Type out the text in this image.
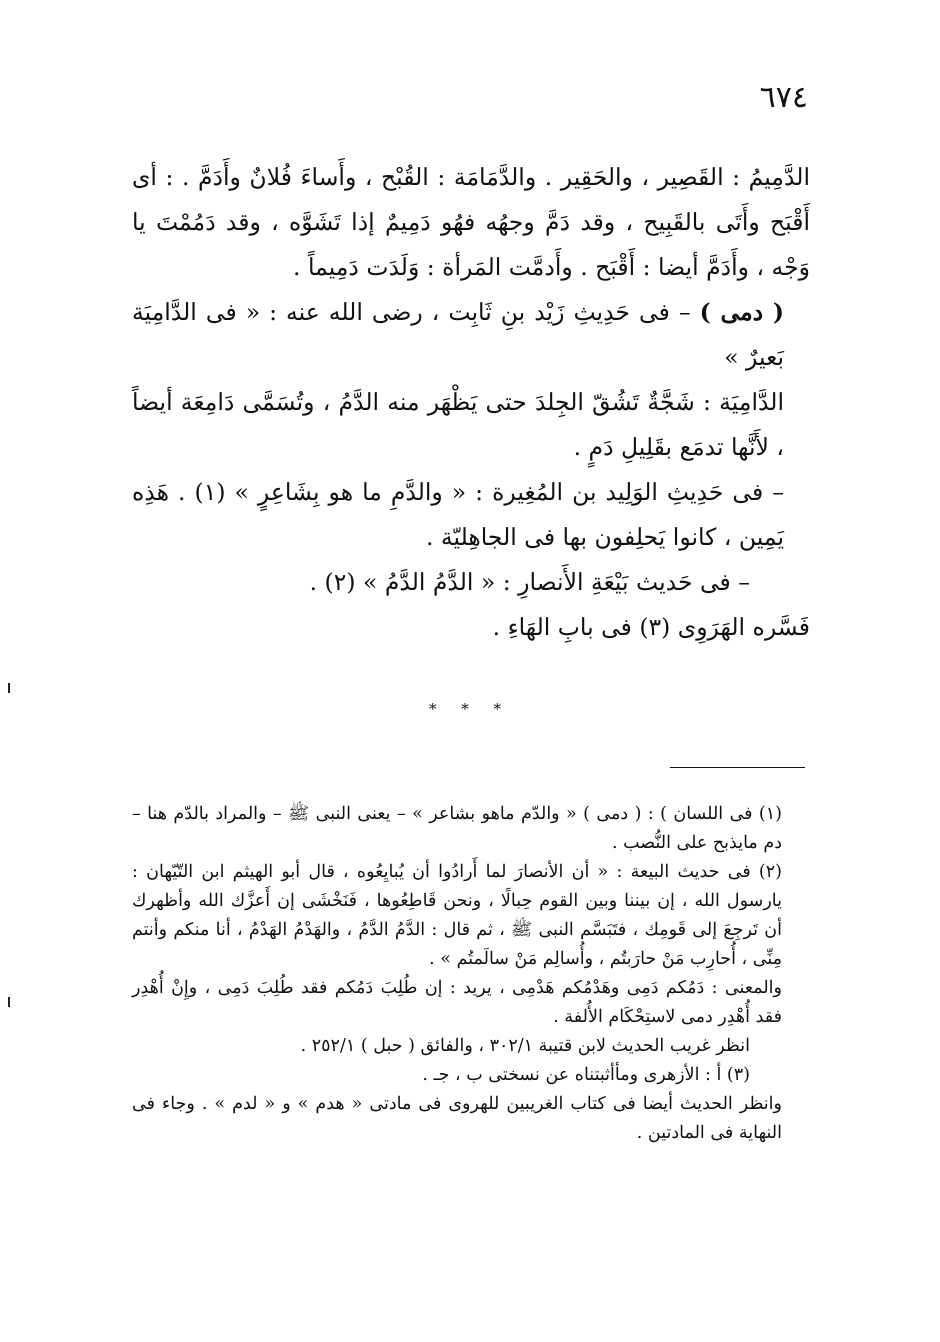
٦٧٤

الدَّمِيمُ : القَصِير ، والحَقِير . والدَّمَامَة : القُبْح ، وأَساءَ فُلانٌ وأَدَمَّ . : أى أَقْبَح وأَتَى بالقَبِيح ، وقد دَمَّ وجهُه فهُو دَمِيمٌ إذا تَشَوَّه ، وقد دَمُمْتَ يا وَجْه ، وأَدَمَّ أيضا : أَقْبَح . وأَدمَّت المَرأة : وَلَدَت دَمِيماً .

( دمى ) – فى حَدِيثِ زَيْد بنِ ثَابِت ، رضى الله عنه : « فى الدَّامِيَة بَعيرٌ »

الدَّامِيَة : شَجَّةٌ تَشُقّ الجِلدَ حتى يَظْهَر منه الدَّمُ ، وتُسَمَّى دَامِعَة أيضاً ، لأَنَّها تدمَع بقَلِيلِ دَمٍ .

– فى حَدِيثِ الوَلِيد بن المُغِيرة : « والدَّمِ ما هو بِشَاعِرٍ » (١) . هَذِه يَمِين ، كانوا يَحلِفون بها فى الجاهِليّة .

– فى حَديث بَيْعَةِ الأَنصارِ : « الدَّمُ الدَّمُ » (٢) .

فَسَّره الهَرَوِى (٣) فى بابِ الهَاءِ .

* * *

(١) فى اللسان ) : ( دمى ) « والدّم ماهو بشاعر » – يعنى النبى ﷺ – والمراد بالدّم هنا – دم مايذبح على النُّصب .

(٢) فى حديث البيعة : « أن الأنصارَ لما أَرادُوا أن يُبايِعُوه ، قال أبو الهيثم ابن التّيّهان : يارسول الله ، إن بيننا وبين القوم حِبالًا ، ونحن قَاطِعُوها ، فَنَخْشَى إن أَعزَّك الله وأظهرك أن تَرجِعَ إلى قَومِك ، فتَبَسَّم النبى ﷺ ، ثم قال : الدَّمُ الدَّمُ ، والهَدْمُ الهَدْمُ ، أنا منكم وأنتم مِنِّى ، أُحارِب مَنْ حارَبتُم ، وأُسالِم مَنْ سالَمتُم » .

والمعنى : دَمُكم دَمِى وهَدْمُكم هَدْمِى ، يريد : إن طُلِبَ دَمُكم فقد طُلِبَ دَمِى ، وإِنْ أُهْدِر فقد أُهْدِر دمى لاستِحْكَام الأُلفة .

انظر غريب الحديث لابن قتيبة ٣٠٢/١ ، والفائق ( حبل ) ٢٥٢/١ .

(٣) أ : الأزهرى ومأأثبتناه عن نسختى ب ، جـ .

وانظر الحديث أيضا فى كتاب الغريبين للهروى فى مادتى « هدم » و « لدم » . وجاء فى النهاية فى المادتين .
